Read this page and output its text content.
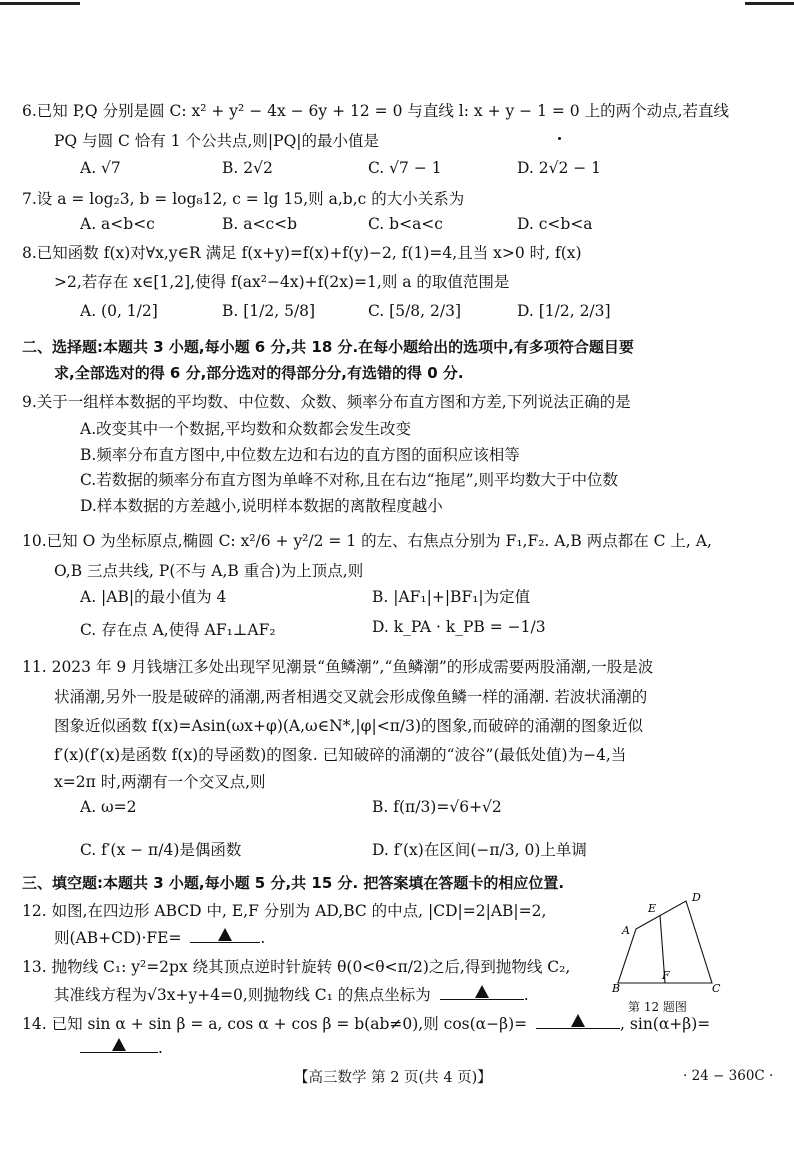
6.已知 P,Q 分别是圆 C: x² + y² − 4x − 6y + 12 = 0 与直线 l: x + y − 1 = 0 上的两个动点,若直线
PQ 与圆 C 恰有 1 个公共点,则|PQ|的最小值是
A. √7	B. 2√2	C. √7 − 1	D. 2√2 − 1
7.设 a = log₂3, b = log₈12, c = lg 15,则 a,b,c 的大小关系为
A. a<b<c	B. a<c<b	C. b<a<c	D. c<b<a
8.已知函数 f(x)对∀x,y∈R 满足 f(x+y)=f(x)+f(y)−2, f(1)=4,且当 x>0 时, f(x)
>2,若存在 x∈[1,2],使得 f(ax²−4x)+f(2x)=1,则 a 的取值范围是
A. (0, 1/2]	B. [1/2, 5/8]	C. [5/8, 2/3]	D. [1/2, 2/3]
二、选择题:本题共 3 小题,每小题 6 分,共 18 分.在每小题给出的选项中,有多项符合题目要
求,全部选对的得 6 分,部分选对的得部分分,有选错的得 0 分.
9.关于一组样本数据的平均数、中位数、众数、频率分布直方图和方差,下列说法正确的是
A.改变其中一个数据,平均数和众数都会发生改变
B.频率分布直方图中,中位数左边和右边的直方图的面积应该相等
C.若数据的频率分布直方图为单峰不对称,且在右边“拖尾”,则平均数大于中位数
D.样本数据的方差越小,说明样本数据的离散程度越小
10.已知 O 为坐标原点,椭圆 C: x²/6 + y²/2 = 1 的左、右焦点分别为 F₁,F₂. A,B 两点都在 C 上, A,
O,B 三点共线, P(不与 A,B 重合)为上顶点,则
A. |AB|的最小值为 4	B. |AF₁|+|BF₁|为定值
C. 存在点 A,使得 AF₁⊥AF₂	D. k_PA · k_PB = −1/3
11. 2023 年 9 月钱塘江多处出现罕见潮景“鱼鳞潮”,“鱼鳞潮”的形成需要两股涌潮,一股是波
状涌潮,另外一股是破碎的涌潮,两者相遇交叉就会形成像鱼鳞一样的涌潮. 若波状涌潮的
图象近似函数 f(x)=Asin(ωx+φ)(A,ω∈N*,|φ|<π/3)的图象,而破碎的涌潮的图象近似
f′(x)(f′(x)是函数 f(x)的导函数)的图象. 已知破碎的涌潮的“波谷”(最低处值)为−4,当
x=2π 时,两潮有一个交叉点,则
A. ω=2	B. f(π/3)=√6+√2
C. f′(x − π/4)是偶函数	D. f′(x)在区间(−π/3, 0)上单调
三、填空题:本题共 3 小题,每小题 5 分,共 15 分. 把答案填在答题卡的相应位置.
12. 如图,在四边形 ABCD 中, E,F 分别为 AD,BC 的中点, |CD|=2|AB|=2,
则(AB+CD)·FE=	.
D
E
A
B
F
C
第 12 题图
13. 抛物线 C₁: y²=2px 绕其顶点逆时针旋转 θ(0<θ<π/2)之后,得到抛物线 C₂,
其准线方程为√3x+y+4=0,则抛物线 C₁ 的焦点坐标为	.
14. 已知 sin α + sin β = a, cos α + cos β = b(ab≠0),则 cos(α−β)=	, sin(α+β)=
.
【高三数学 第 2 页(共 4 页)】	· 24 − 360C ·
